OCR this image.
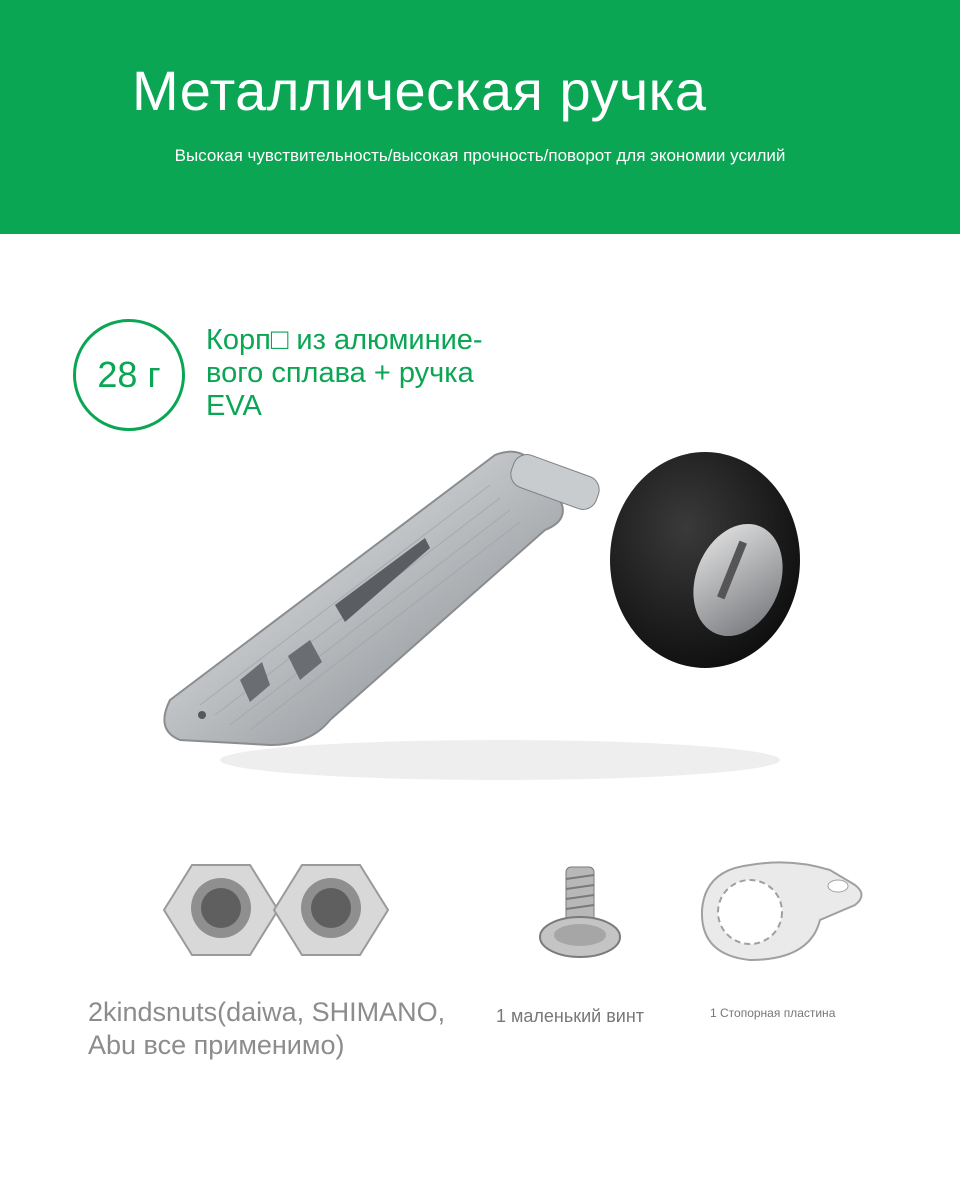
Металлическая ручка
Высокая чувствительность/высокая прочность/поворот для экономии усилий
28 г
Корп□ из алюминие-вого сплава + ручка EVA
2kindsnuts(daiwa, SHIMANO, Abu все применимо)
1 маленький винт	1 Стопорная пластина
